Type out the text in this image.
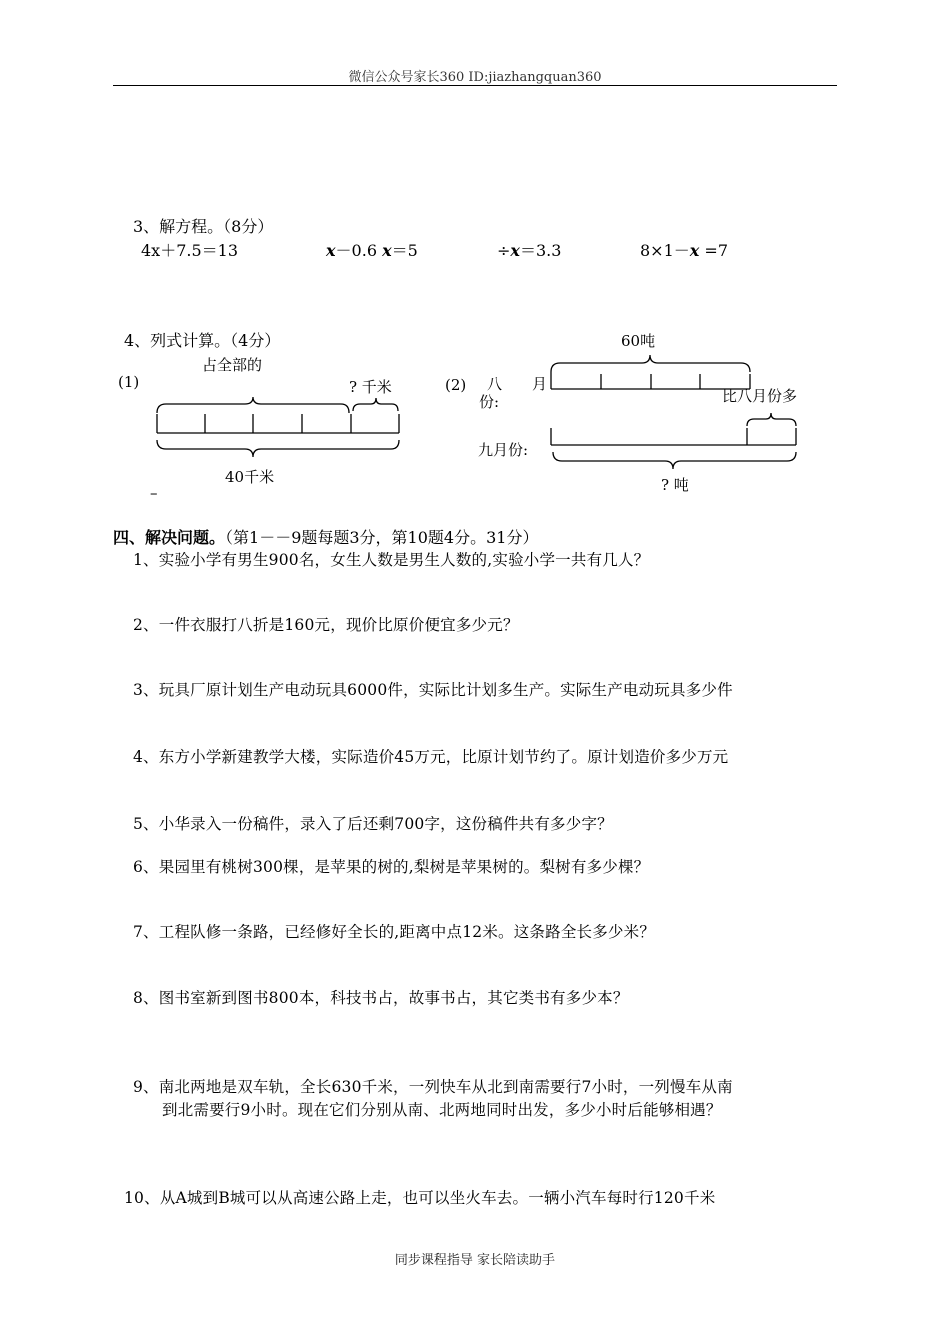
微信公众号家长360 ID:jiazhangquan360
3、解方程。（8分）
4x＋7.5＝13	x－0.6 x＝5	÷x＝3.3	8×1－x =7
4、列式计算。（4分）
(1)
占全部的
? 千米
40千米
–
(2)
60吨
八　　月
份:	比八月份多
九月份:
? 吨
四、解决问题。（第1－－9题每题3分，第10题4分。31分）
1、实验小学有男生900名，女生人数是男生人数的,实验小学一共有几人？
2、一件衣服打八折是160元，现价比原价便宜多少元？
3、玩具厂原计划生产电动玩具6000件，实际比计划多生产。实际生产电动玩具多少件
4、东方小学新建教学大楼，实际造价45万元，比原计划节约了。原计划造价多少万元
5、小华录入一份稿件，录入了后还剩700字，这份稿件共有多少字？
6、果园里有桃树300棵，是苹果的树的,梨树是苹果树的。梨树有多少棵？
7、工程队修一条路，已经修好全长的,距离中点12米。这条路全长多少米？
8、图书室新到图书800本，科技书占，故事书占，其它类书有多少本？
9、南北两地是双车轨，全长630千米，一列快车从北到南需要行7小时，一列慢车从南
到北需要行9小时。现在它们分别从南、北两地同时出发，多少小时后能够相遇？
10、从A城到B城可以从高速公路上走，也可以坐火车去。一辆小汽车每时行120千米
同步课程指导 家长陪读助手
